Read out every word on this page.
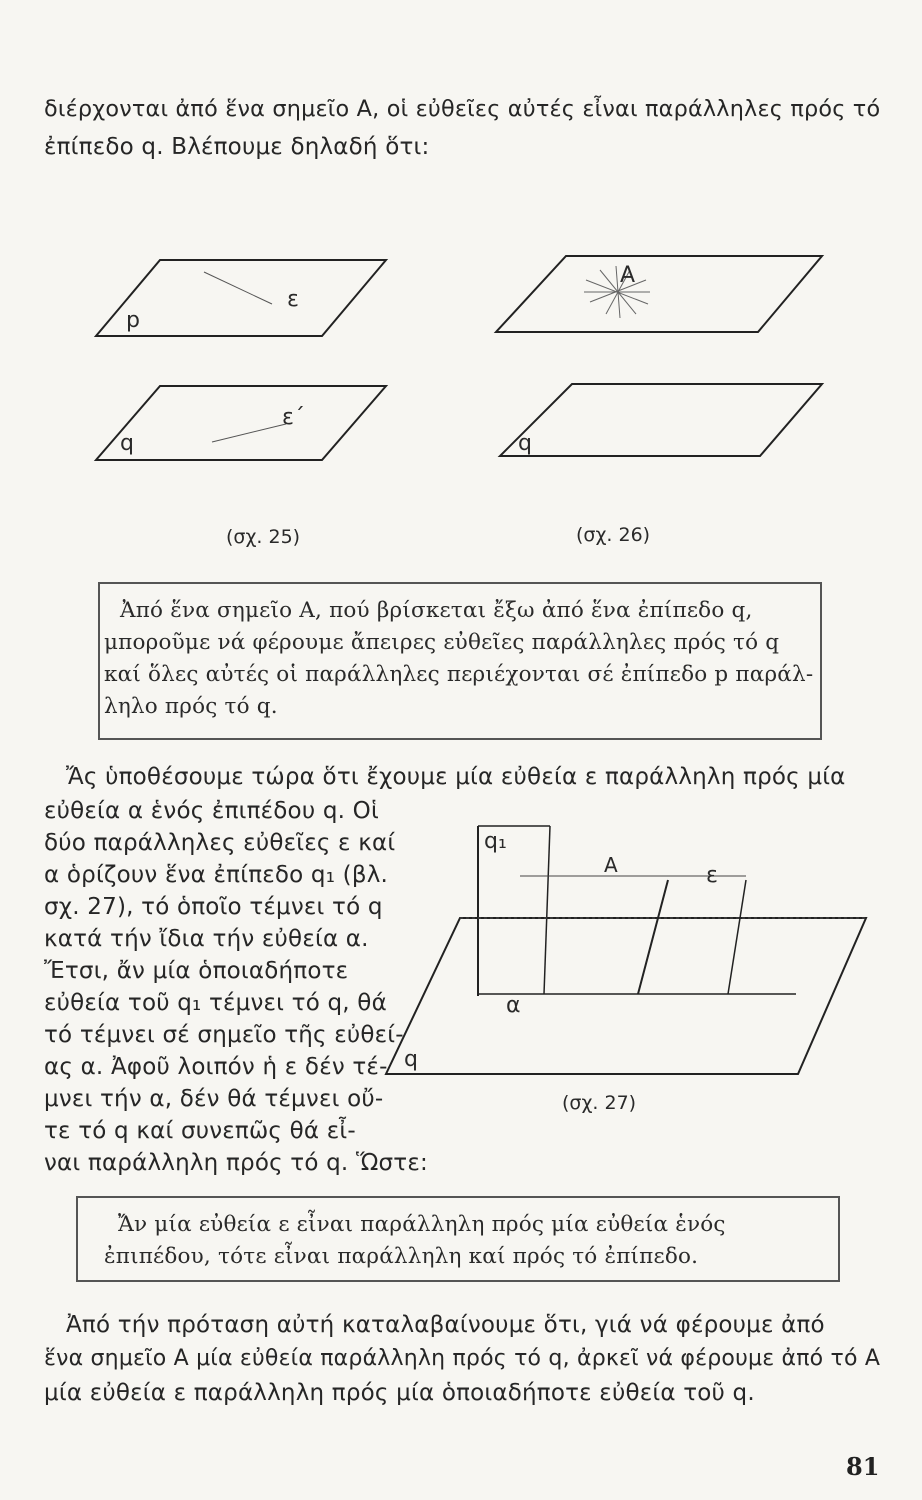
διέρχονται ἀπό ἕνα σημεῖο A, οἱ εὐθεῖες αὐτές εἶναι παράλληλες πρός τό
ἐπίπεδο q. Βλέπουμε δηλαδή ὅτι:
p
ε
q
ε΄
A
q
q₁
A	ε
α
q
(σχ. 25)	(σχ. 26)
Ἀπό ἕνα σημεῖο A, πού βρίσκεται ἔξω ἀπό ἕνα ἐπίπεδο q,
μποροῦμε νά φέρουμε ἄπειρες εὐθεῖες παράλληλες πρός τό q
καί ὅλες αὐτές οἱ παράλληλες περιέχονται σέ ἐπίπεδο p παράλ-
ληλο πρός τό q.
Ἄς ὑποθέσουμε τώρα ὅτι ἔχουμε μία εὐθεία ε παράλληλη πρός μία
εὐθεία α ἑνός ἐπιπέδου q. Οἱ
δύο παράλληλες εὐθεῖες ε καί
α ὁρίζουν ἕνα ἐπίπεδο q₁ (βλ.
σχ. 27), τό ὁποῖο τέμνει τό q
κατά τήν ἴδια τήν εὐθεία α.
Ἔτσι, ἄν μία ὁποιαδήποτε
εὐθεία τοῦ q₁ τέμνει τό q, θά
τό τέμνει σέ σημεῖο τῆς εὐθεί-
ας α. Ἀφοῦ λοιπόν ἡ ε δέν τέ-
μνει τήν α, δέν θά τέμνει οὔ-
τε τό q καί συνεπῶς θά εἶ-
ναι παράλληλη πρός τό q. Ὥστε:
(σχ. 27)
Ἄν μία εὐθεία ε εἶναι παράλληλη πρός μία εὐθεία ἑνός
ἐπιπέδου, τότε εἶναι παράλληλη καί πρός τό ἐπίπεδο.
Ἀπό τήν πρόταση αὐτή καταλαβαίνουμε ὅτι, γιά νά φέρουμε ἀπό
ἕνα σημεῖο A μία εὐθεία παράλληλη πρός τό q, ἀρκεῖ νά φέρουμε ἀπό τό A
μία εὐθεία ε παράλληλη πρός μία ὁποιαδήποτε εὐθεία τοῦ q.
81
